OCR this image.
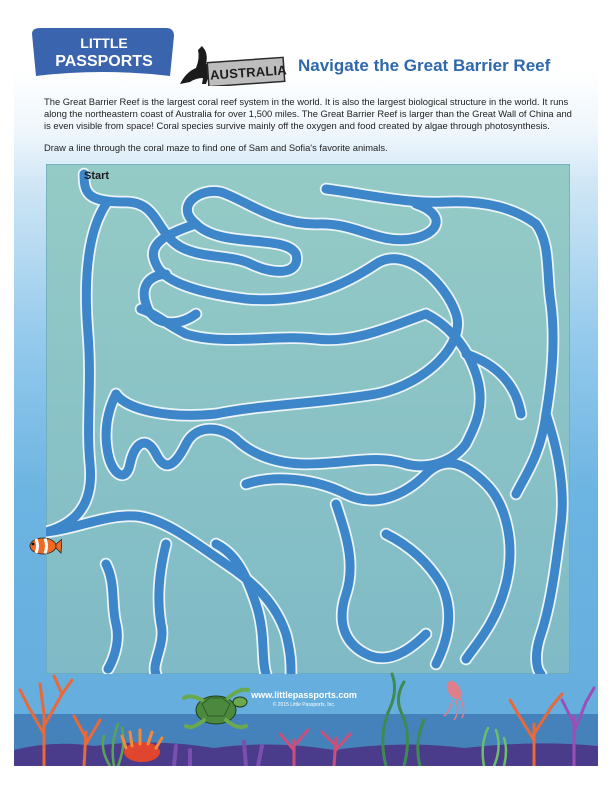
LITTLE
PASSPORTS
AUSTRALIA Navigate the Great Barrier Reef

The Great Barrier Reef is the largest coral reef system in the world. It is also the largest biological structure in the world. It runs along the northeastern coast of Australia for over 1,500 miles. The Great Barrier Reef is larger than the Great Wall of China and is even visible from space! Coral species survive mainly off the oxygen and food created by algae through photosynthesis.

Draw a line through the coral maze to find one of Sam and Sofia's favorite animals.

Start
www.littlepassports.com
© 2015 Little Passports, Inc.
